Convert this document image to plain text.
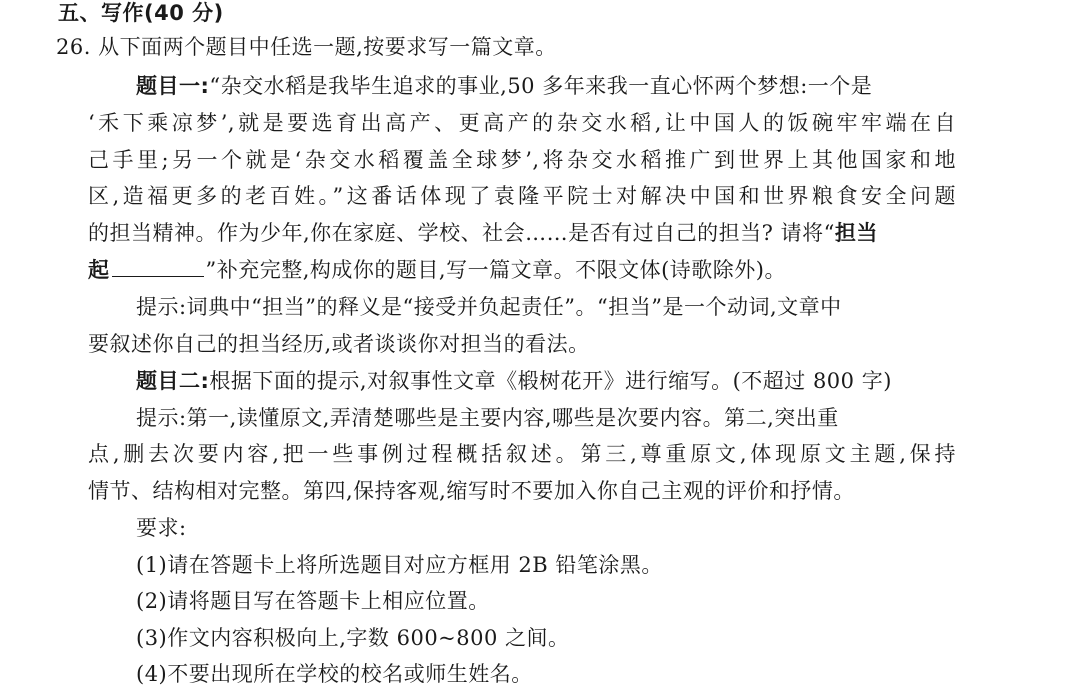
五、写作(40 分)
26. 从下面两个题目中任选一题,按要求写一篇文章。
题目一:“杂交水稻是我毕生追求的事业,50 多年来我一直心怀两个梦想:一个是
‘禾下乘凉梦’,就是要选育出高产、更高产的杂交水稻,让中国人的饭碗牢牢端在自
己手里;另一个就是‘杂交水稻覆盖全球梦’,将杂交水稻推广到世界上其他国家和地
区,造福更多的老百姓。”这番话体现了袁隆平院士对解决中国和世界粮食安全问题
的担当精神。作为少年,你在家庭、学校、社会……是否有过自己的担当? 请将“担当
起	”补充完整,构成你的题目,写一篇文章。不限文体(诗歌除外)。
提示:词典中“担当”的释义是“接受并负起责任”。“担当”是一个动词,文章中
要叙述你自己的担当经历,或者谈谈你对担当的看法。
题目二:根据下面的提示,对叙事性文章《椴树花开》进行缩写。(不超过 800 字)
提示:第一,读懂原文,弄清楚哪些是主要内容,哪些是次要内容。第二,突出重
点,删去次要内容,把一些事例过程概括叙述。第三,尊重原文,体现原文主题,保持
情节、结构相对完整。第四,保持客观,缩写时不要加入你自己主观的评价和抒情。
要求:
(1)请在答题卡上将所选题目对应方框用 2B 铅笔涂黑。
(2)请将题目写在答题卡上相应位置。
(3)作文内容积极向上,字数 600~800 之间。
(4)不要出现所在学校的校名或师生姓名。
